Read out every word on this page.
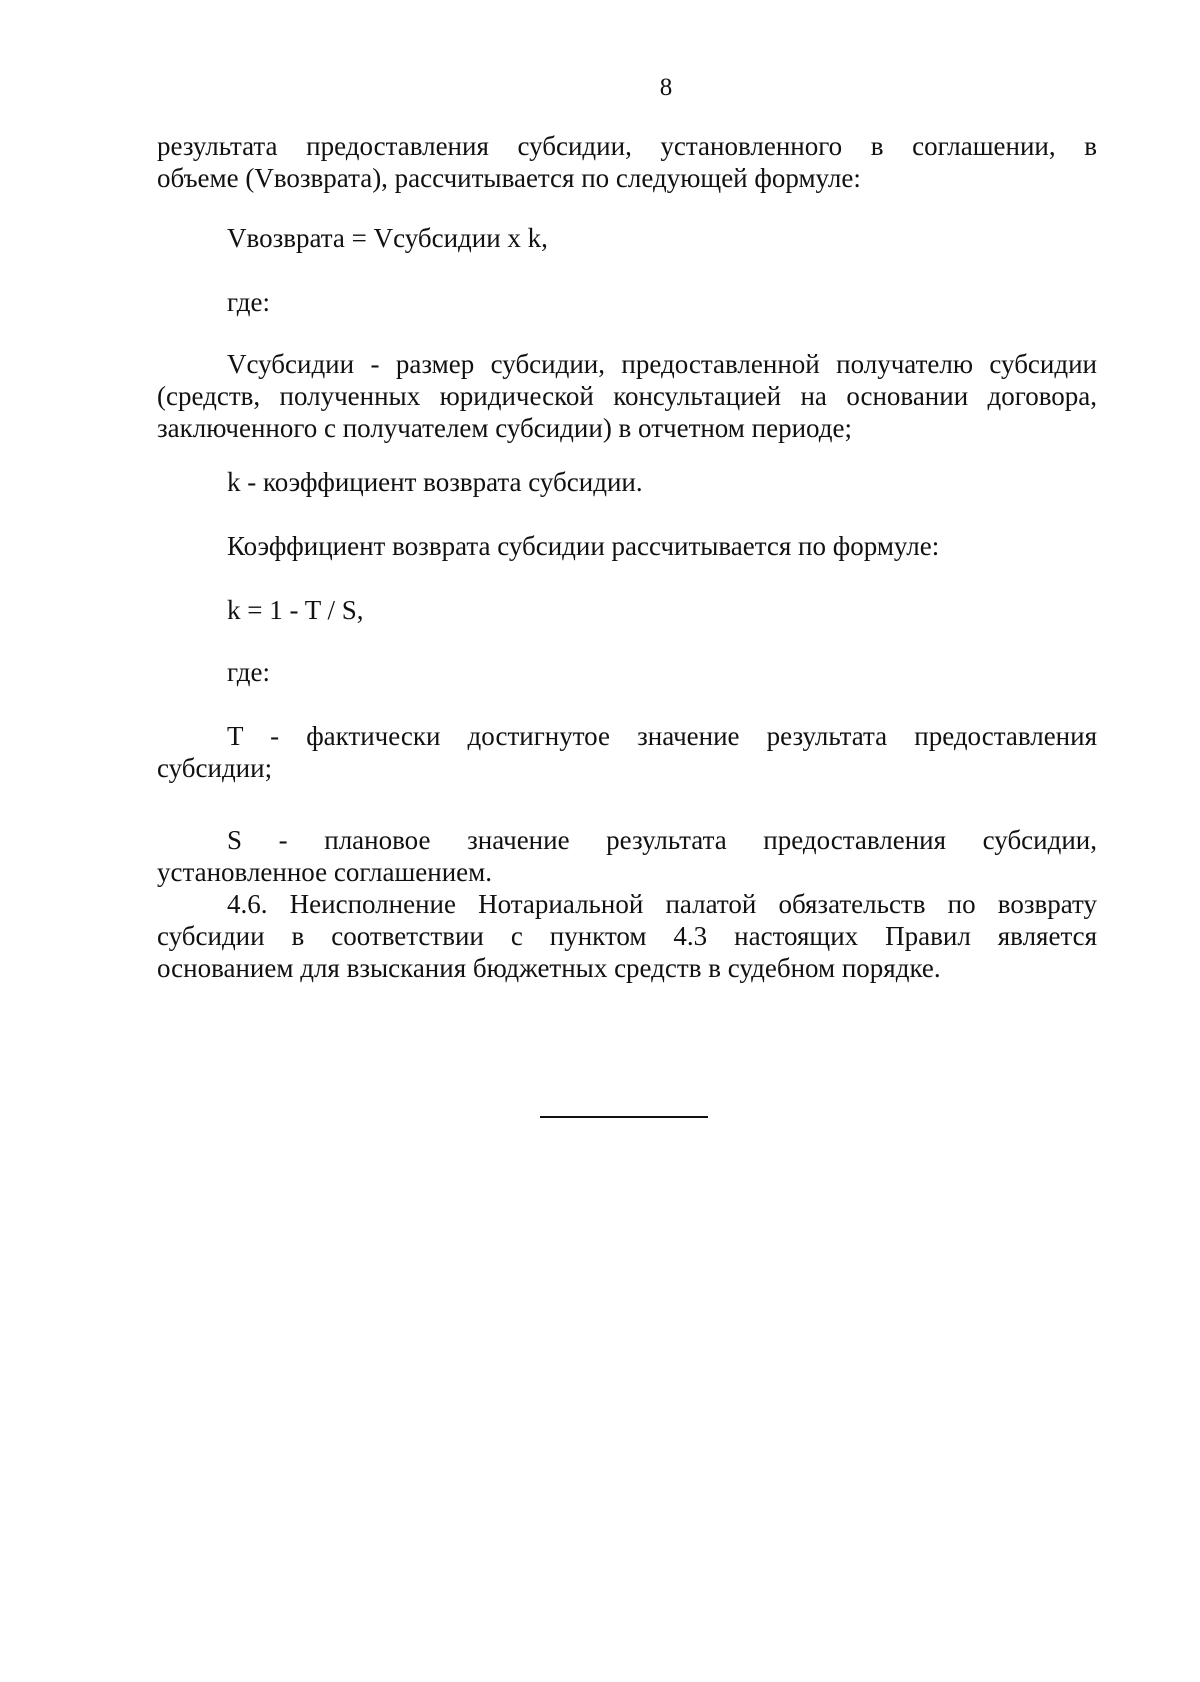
8
результата предоставления субсидии, установленного в соглашении, в
объеме (Vвозврата), рассчитывается по следующей формуле:
Vвозврата = Vсубсидии x k,
где:
Vсубсидии - размер субсидии, предоставленной получателю субсидии
(средств, полученных юридической консультацией на основании договора,
заключенного с получателем субсидии) в отчетном периоде;
k - коэффициент возврата субсидии.
Коэффициент возврата субсидии рассчитывается по формуле:
k = 1 - T / S,
где:
T - фактически достигнутое значение результата предоставления
субсидии;
S - плановое значение результата предоставления субсидии,
установленное соглашением.
4.6. Неисполнение Нотариальной палатой обязательств по возврату
субсидии в соответствии с пунктом 4.3 настоящих Правил является
основанием для взыскания бюджетных средств в судебном порядке.
